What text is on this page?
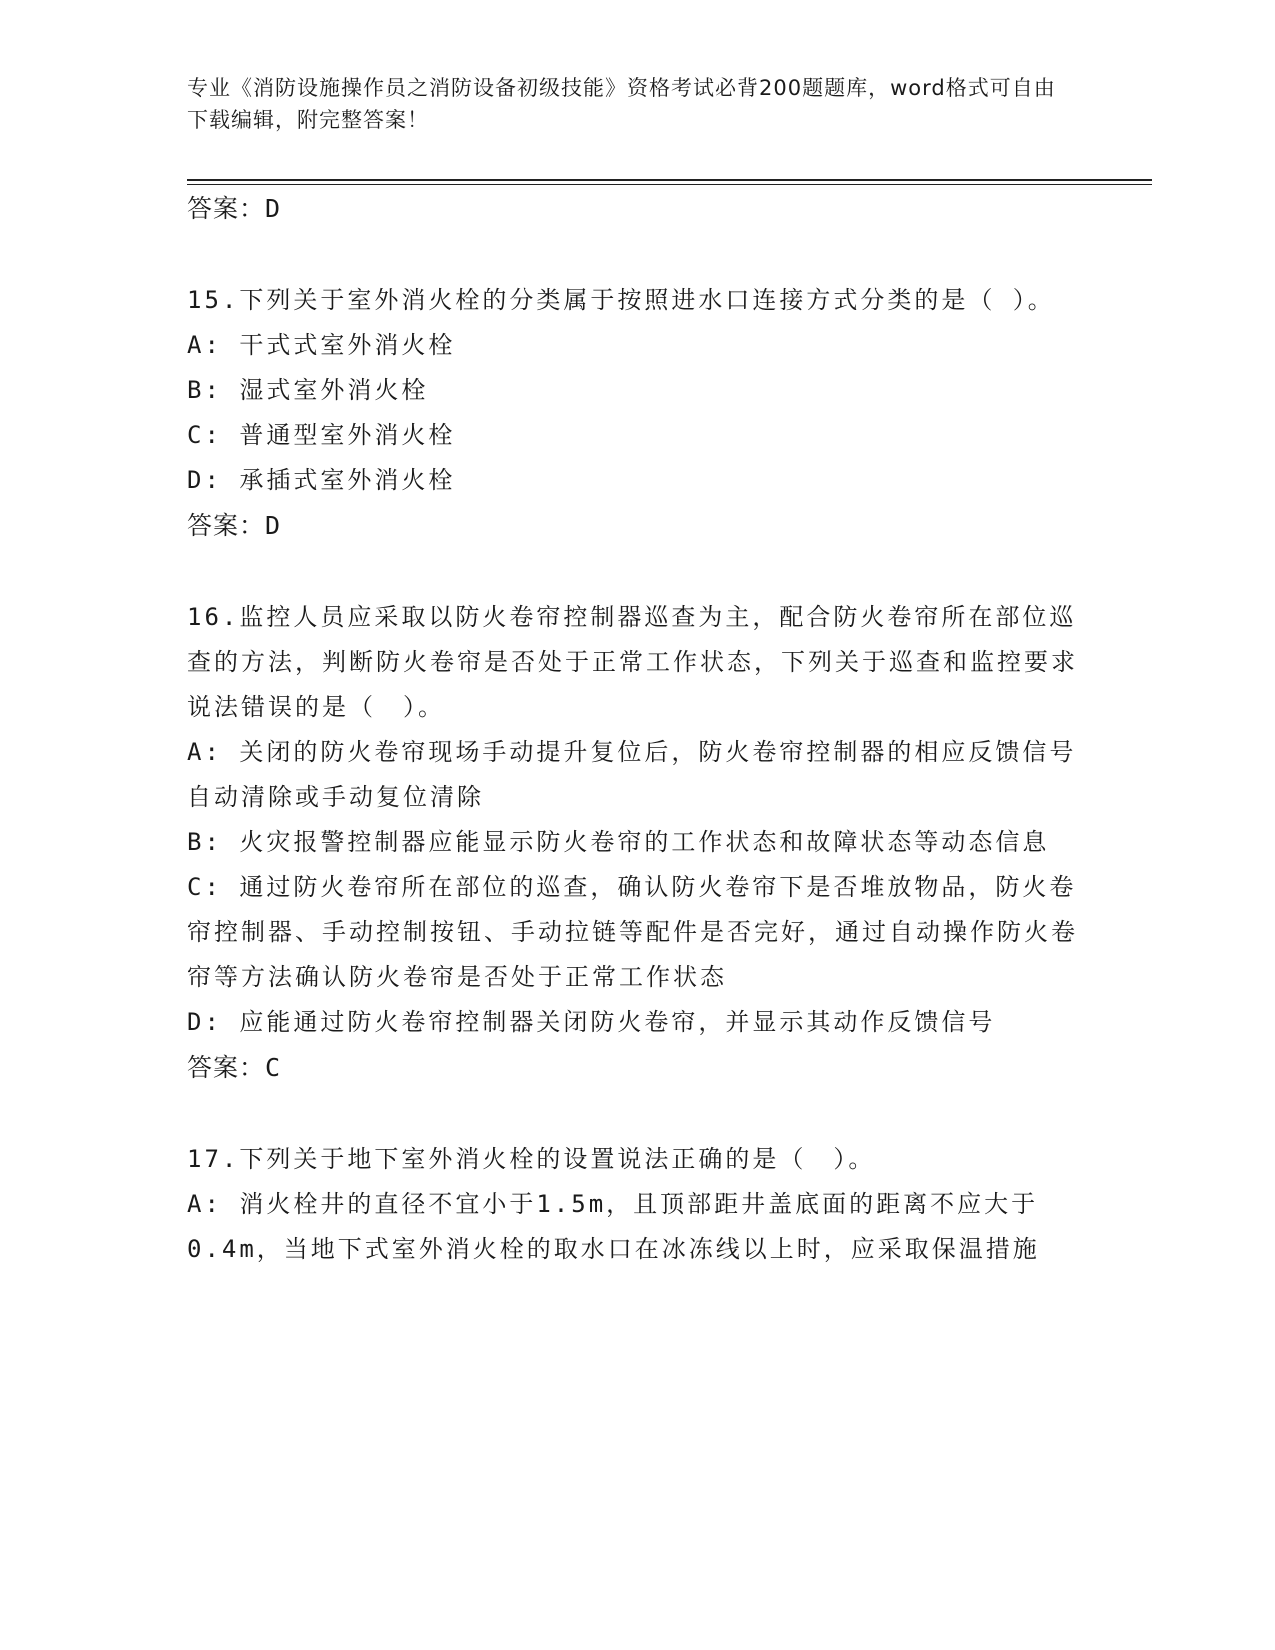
专业《消防设施操作员之消防设备初级技能》资格考试必背200题题库，word格式可自由下载编辑，附完整答案！

答案：D

15.下列关于室外消火栓的分类属于按照进水口连接方式分类的是（ ）。

A: 干式式室外消火栓

B: 湿式室外消火栓

C: 普通型室外消火栓

D: 承插式室外消火栓

答案：D

16.监控人员应采取以防火卷帘控制器巡查为主，配合防火卷帘所在部位巡查的方法，判断防火卷帘是否处于正常工作状态，下列关于巡查和监控要求说法错误的是（　）。

A: 关闭的防火卷帘现场手动提升复位后，防火卷帘控制器的相应反馈信号自动清除或手动复位清除

B: 火灾报警控制器应能显示防火卷帘的工作状态和故障状态等动态信息

C: 通过防火卷帘所在部位的巡查，确认防火卷帘下是否堆放物品，防火卷帘控制器、手动控制按钮、手动拉链等配件是否完好，通过自动操作防火卷帘等方法确认防火卷帘是否处于正常工作状态

D: 应能通过防火卷帘控制器关闭防火卷帘，并显示其动作反馈信号

答案：C

17.下列关于地下室外消火栓的设置说法正确的是（　）。

A: 消火栓井的直径不宜小于1.5m，且顶部距井盖底面的距离不应大于0.4m，当地下式室外消火栓的取水口在冰冻线以上时，应采取保温措施
